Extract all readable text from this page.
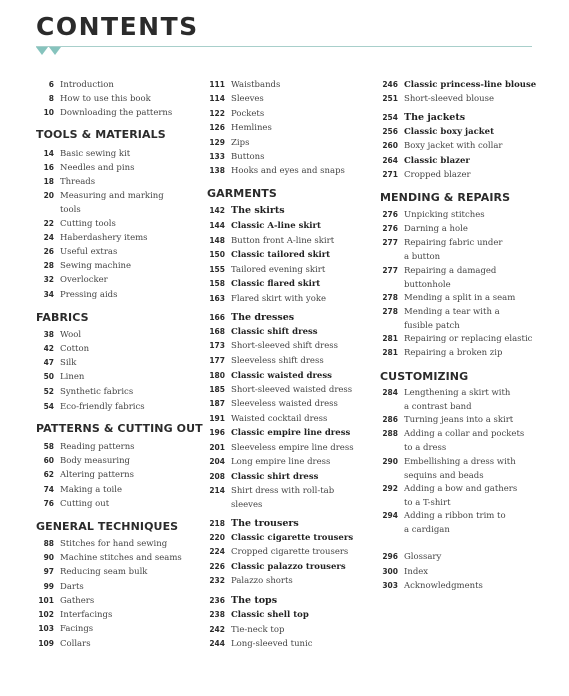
CONTENTS
6 Introduction
8 How to use this book
10 Downloading the patterns
TOOLS & MATERIALS
14 Basic sewing kit
16 Needles and pins
18 Threads
20 Measuring and marking
tools
22 Cutting tools
24 Haberdashery items
26 Useful extras
28 Sewing machine
32 Overlocker
34 Pressing aids
FABRICS
38 Wool
42 Cotton
47 Silk
50 Linen
52 Synthetic fabrics
54 Eco-friendly fabrics
PATTERNS & CUTTING OUT
58 Reading patterns
60 Body measuring
62 Altering patterns
74 Making a toile
76 Cutting out
GENERAL TECHNIQUES
88 Stitches for hand sewing
90 Machine stitches and seams
97 Reducing seam bulk
99 Darts
101 Gathers
102 Interfacings
103 Facings
109 Collars
111 Waistbands
114 Sleeves
122 Pockets
126 Hemlines
129 Zips
133 Buttons
138 Hooks and eyes and snaps
GARMENTS
142 The skirts
144 Classic A-line skirt
148 Button front A-line skirt
150 Classic tailored skirt
155 Tailored evening skirt
158 Classic flared skirt
163 Flared skirt with yoke
166 The dresses
168 Classic shift dress
173 Short-sleeved shift dress
177 Sleeveless shift dress
180 Classic waisted dress
185 Short-sleeved waisted dress
187 Sleeveless waisted dress
191 Waisted cocktail dress
196 Classic empire line dress
201 Sleeveless empire line dress
204 Long empire line dress
208 Classic shirt dress
214 Shirt dress with roll-tab
sleeves
218 The trousers
220 Classic cigarette trousers
224 Cropped cigarette trousers
226 Classic palazzo trousers
232 Palazzo shorts
236 The tops
238 Classic shell top
242 Tie-neck top
244 Long-sleeved tunic
246 Classic princess-line blouse
251 Short-sleeved blouse
254 The jackets
256 Classic boxy jacket
260 Boxy jacket with collar
264 Classic blazer
271 Cropped blazer
MENDING & REPAIRS
276 Unpicking stitches
276 Darning a hole
277 Repairing fabric under
a button
277 Repairing a damaged
buttonhole
278 Mending a split in a seam
278 Mending a tear with a
fusible patch
281 Repairing or replacing elastic
281 Repairing a broken zip
CUSTOMIZING
284 Lengthening a skirt with
a contrast band
286 Turning jeans into a skirt
288 Adding a collar and pockets
to a dress
290 Embellishing a dress with
sequins and beads
292 Adding a bow and gathers
to a T-shirt
294 Adding a ribbon trim to
a cardigan
296 Glossary
300 Index
303 Acknowledgments
